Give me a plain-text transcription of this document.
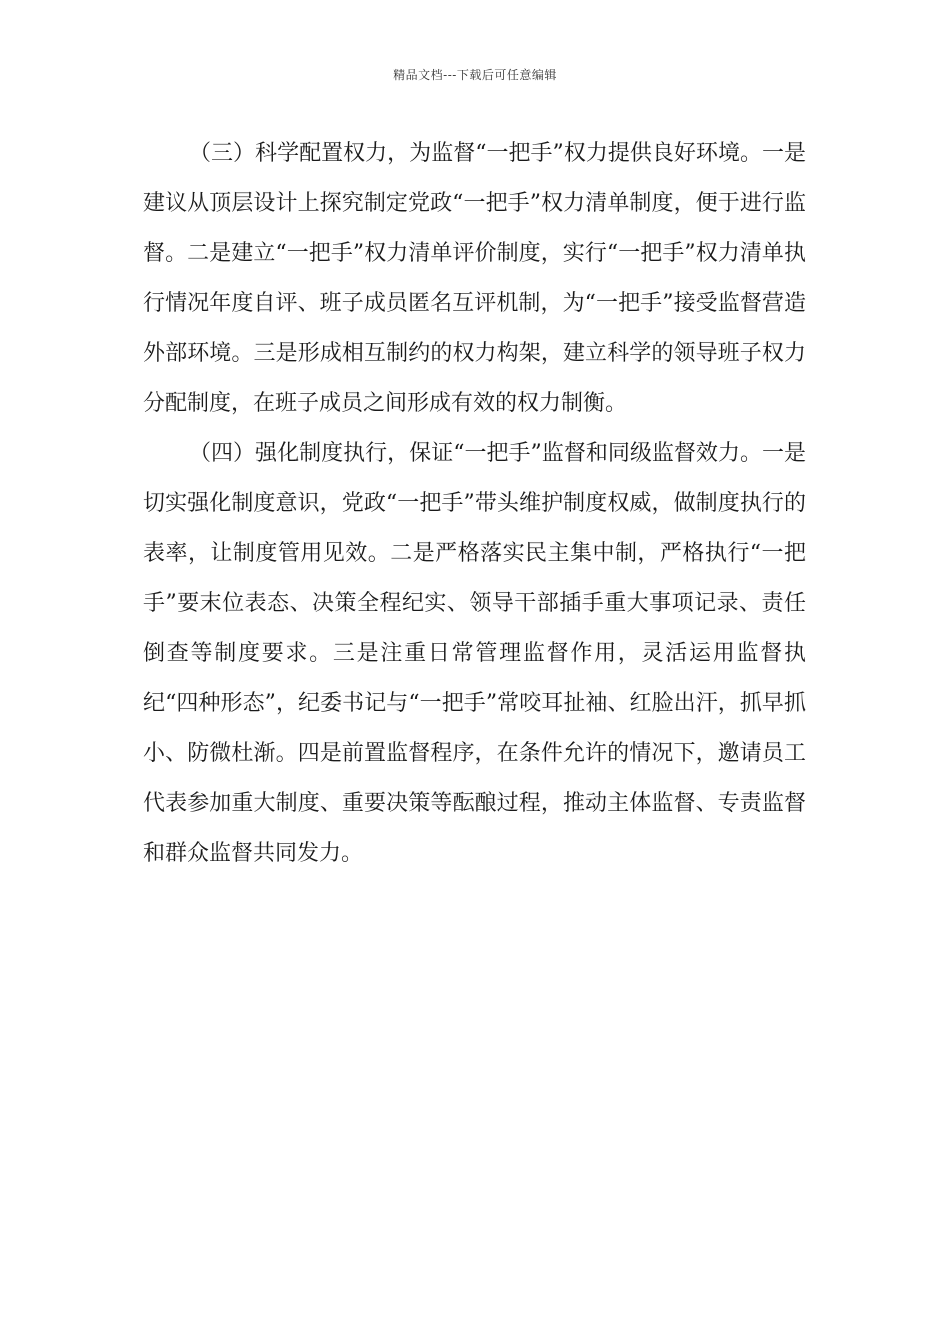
精品文档---下载后可任意编辑

（三）科学配置权力，为监督“一把手”权力提供良好环境。一是建议从顶层设计上探究制定党政“一把手”权力清单制度，便于进行监督。二是建立“一把手”权力清单评价制度，实行“一把手”权力清单执行情况年度自评、班子成员匿名互评机制，为“一把手”接受监督营造外部环境。三是形成相互制约的权力构架，建立科学的领导班子权力分配制度，在班子成员之间形成有效的权力制衡。

（四）强化制度执行，保证“一把手”监督和同级监督效力。一是切实强化制度意识，党政“一把手”带头维护制度权威，做制度执行的表率，让制度管用见效。二是严格落实民主集中制，严格执行“一把手”要末位表态、决策全程纪实、领导干部插手重大事项记录、责任倒查等制度要求。三是注重日常管理监督作用，灵活运用监督执纪“四种形态”，纪委书记与“一把手”常咬耳扯袖、红脸出汗，抓早抓小、防微杜渐。四是前置监督程序，在条件允许的情况下，邀请员工代表参加重大制度、重要决策等酝酿过程，推动主体监督、专责监督和群众监督共同发力。
